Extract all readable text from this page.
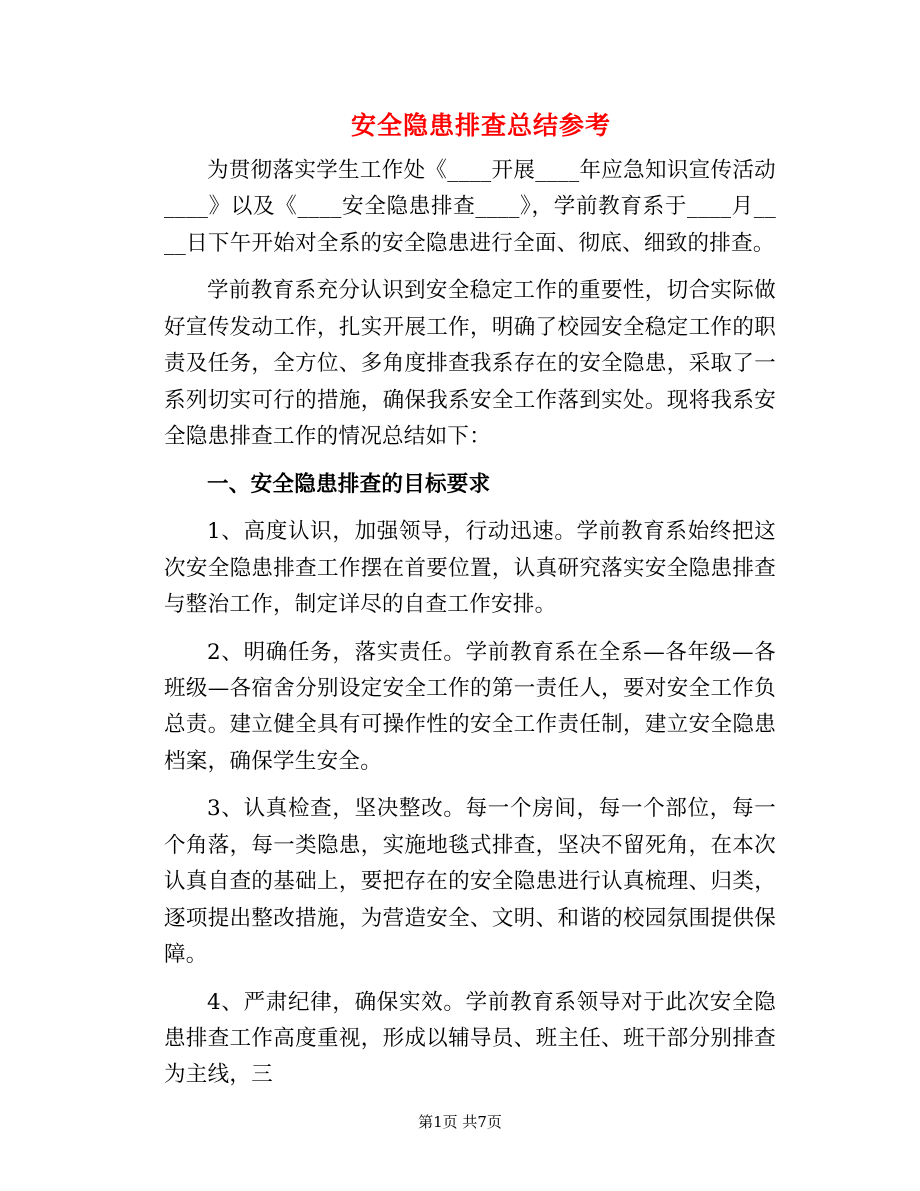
安全隐患排查总结参考

为贯彻落实学生工作处《____开展____年应急知识宣传活动____》以及《____安全隐患排查____》，学前教育系于____月____日下午开始对全系的安全隐患进行全面、彻底、细致的排查。

学前教育系充分认识到安全稳定工作的重要性，切合实际做好宣传发动工作，扎实开展工作，明确了校园安全稳定工作的职责及任务，全方位、多角度排查我系存在的安全隐患，采取了一系列切实可行的措施，确保我系安全工作落到实处。现将我系安全隐患排查工作的情况总结如下：

一、安全隐患排查的目标要求

1、高度认识，加强领导，行动迅速。学前教育系始终把这次安全隐患排查工作摆在首要位置，认真研究落实安全隐患排查与整治工作，制定详尽的自查工作安排。

2、明确任务，落实责任。学前教育系在全系—各年级—各班级—各宿舍分别设定安全工作的第一责任人，要对安全工作负总责。建立健全具有可操作性的安全工作责任制，建立安全隐患档案，确保学生安全。

3、认真检查，坚决整改。每一个房间，每一个部位，每一个角落，每一类隐患，实施地毯式排查，坚决不留死角，在本次认真自查的基础上，要把存在的安全隐患进行认真梳理、归类，逐项提出整改措施，为营造安全、文明、和谐的校园氛围提供保障。

4、严肃纪律，确保实效。学前教育系领导对于此次安全隐患排查工作高度重视，形成以辅导员、班主任、班干部分别排查为主线，三

第1页 共7页
